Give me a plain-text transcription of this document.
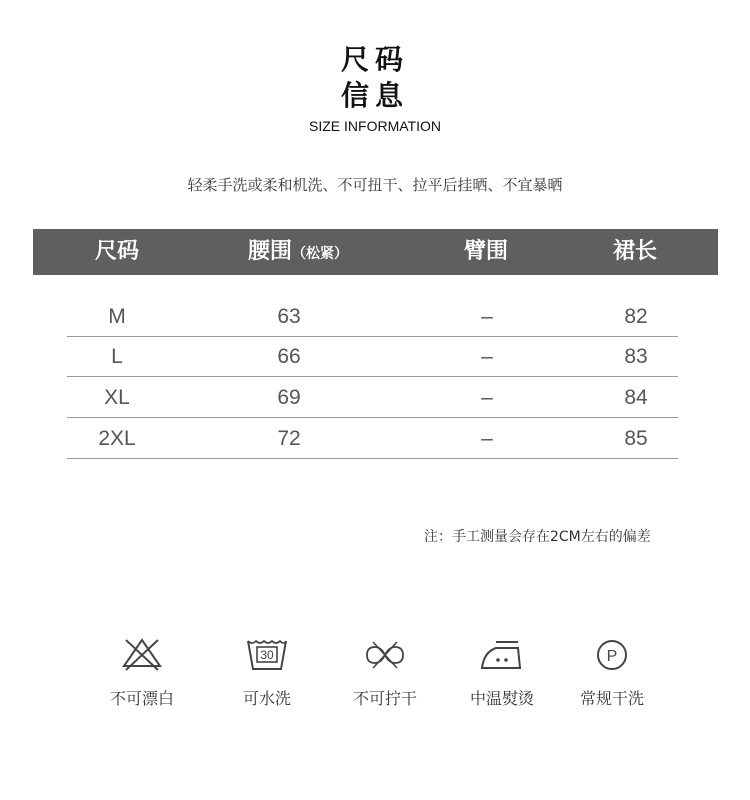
尺码
信息
SIZE INFORMATION
轻柔手洗或柔和机洗、不可扭干、拉平后挂晒、不宜暴晒
尺码	腰围（松紧）	臂围	裙长
M	63	–	82
L	66	–	83
XL	69	–	84
2XL	72	–	85
注：手工测量会存在2CM左右的偏差
30	P
不可漂白	可水洗	不可拧干	中温熨烫	常规干洗
